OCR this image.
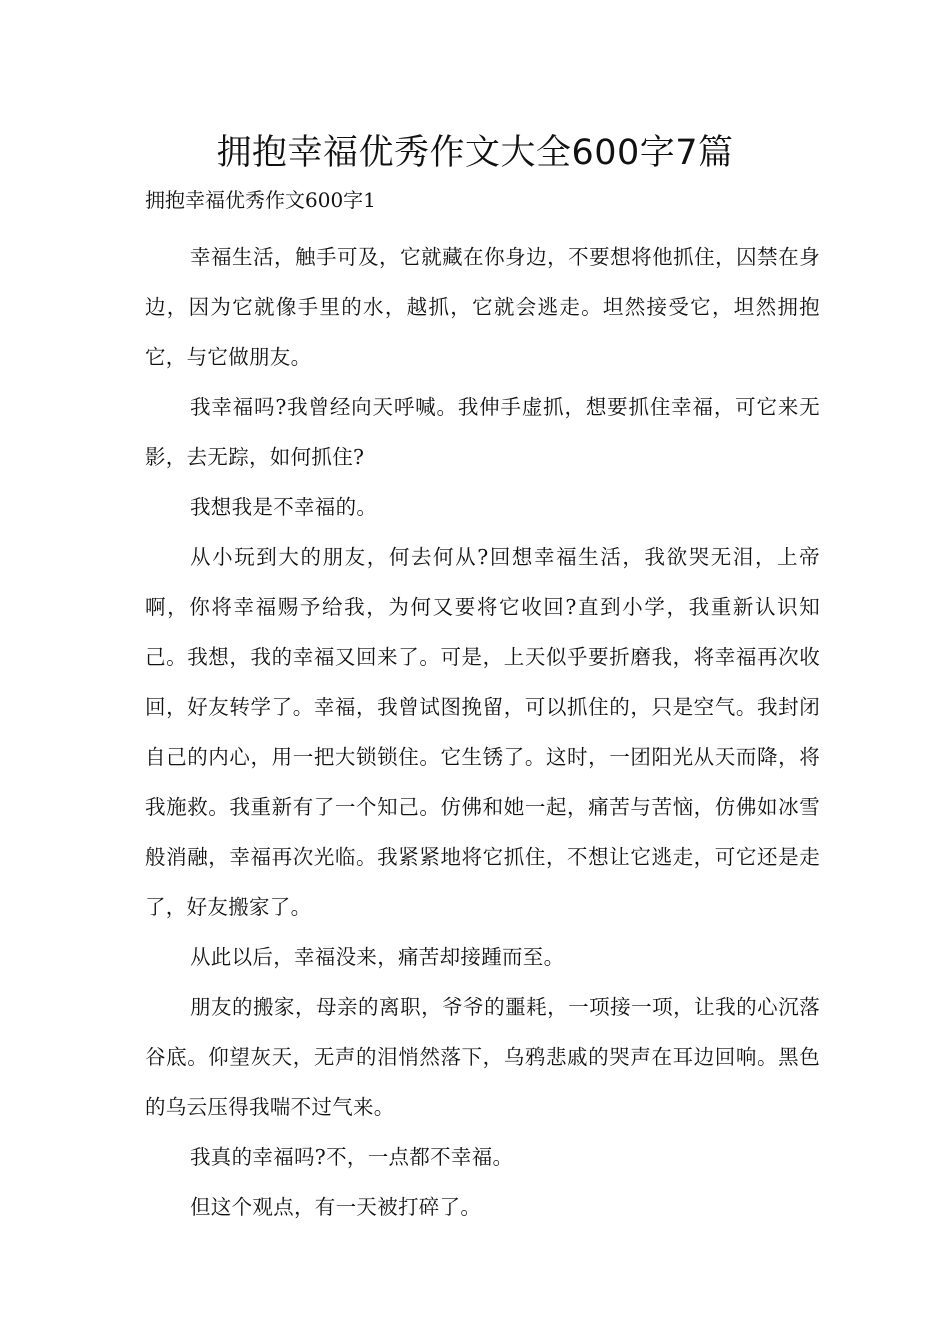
拥抱幸福优秀作文大全600字7篇
拥抱幸福优秀作文600字1

幸福生活，触手可及，它就藏在你身边，不要想将他抓住，囚禁在身边，因为它就像手里的水，越抓，它就会逃走。坦然接受它，坦然拥抱它，与它做朋友。

我幸福吗?我曾经向天呼喊。我伸手虚抓，想要抓住幸福，可它来无影，去无踪，如何抓住?

我想我是不幸福的。

从小玩到大的朋友，何去何从?回想幸福生活，我欲哭无泪，上帝啊，你将幸福赐予给我，为何又要将它收回?直到小学，我重新认识知己。我想，我的幸福又回来了。可是，上天似乎要折磨我，将幸福再次收回，好友转学了。幸福，我曾试图挽留，可以抓住的，只是空气。我封闭自己的内心，用一把大锁锁住。它生锈了。这时，一团阳光从天而降，将我施救。我重新有了一个知己。仿佛和她一起，痛苦与苦恼，仿佛如冰雪般消融，幸福再次光临。我紧紧地将它抓住，不想让它逃走，可它还是走了，好友搬家了。

从此以后，幸福没来，痛苦却接踵而至。

朋友的搬家，母亲的离职，爷爷的噩耗，一项接一项，让我的心沉落谷底。仰望灰天，无声的泪悄然落下，乌鸦悲戚的哭声在耳边回响。黑色的乌云压得我喘不过气来。

我真的幸福吗?不，一点都不幸福。

但这个观点，有一天被打碎了。
